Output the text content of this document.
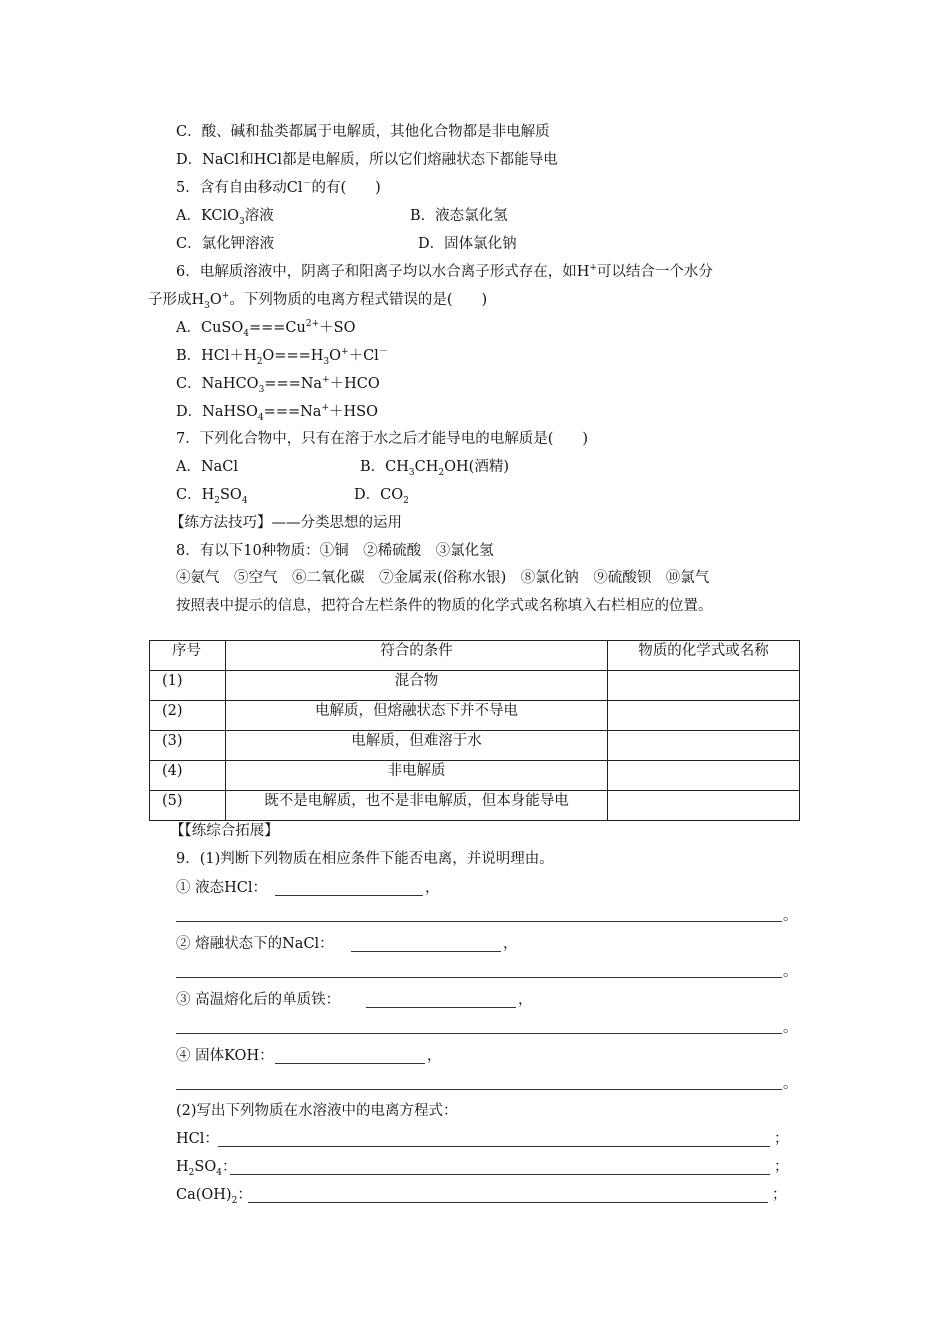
C．酸、碱和盐类都属于电解质，其他化合物都是非电解质
D．NaCl和HCl都是电解质，所以它们熔融状态下都能导电
5．含有自由移动Cl－的有(　　)
A．KClO$_3$溶液	B．液态氯化氢
C．氯化钾溶液	D．固体氯化钠
6．电解质溶液中，阴离子和阳离子均以水合离子形式存在，如H+可以结合一个水分
子形成$H_3O^+$。下列物质的电离方程式错误的是(　　)
A．$CuSO_4===Cu^{2+}+SO$
B．$HCl+H_2O===H_3O^++Cl^-$
C．NaHCO$_3$===Na+＋HCO
D．NaHSO$_4$===Na+＋HSO
7．下列化合物中，只有在溶于水之后才能导电的电解质是(　　)
A．NaCl	B．$CH_3CH_2OH$(酒精)
C．$H_2SO_4$	D．$CO_2$
【练方法技巧】——分类思想的运用
8．有以下10种物质：①铜　②稀硫酸　③氯化氢
④氨气　⑤空气　⑥二氧化碳　⑦金属汞(俗称水银)　⑧氯化钠　⑨硫酸钡　⑩氯气
按照表中提示的信息，把符合左栏条件的物质的化学式或名称填入右栏相应的位置。
序号	符合的条件	物质的化学式或名称
(1)	混合物	
(2)	电解质，但熔融状态下并不导电	
(3)	电解质，但难溶于水	
(4)	非电解质	
(5)	既不是电解质，也不是非电解质，但本身能导电	
【【练综合拓展】
9．(1)判断下列物质在相应条件下能否电离，并说明理由。
① 液态HCl：	，
。
② 熔融状态下的NaCl：	，
。
③ 高温熔化后的单质铁：	，
。
④ 固体KOH：	，
。
(2)写出下列物质在水溶液中的电离方程式：
HCl：	；
$H_2SO_4$：	；
$Ca(OH)_2$：	；
